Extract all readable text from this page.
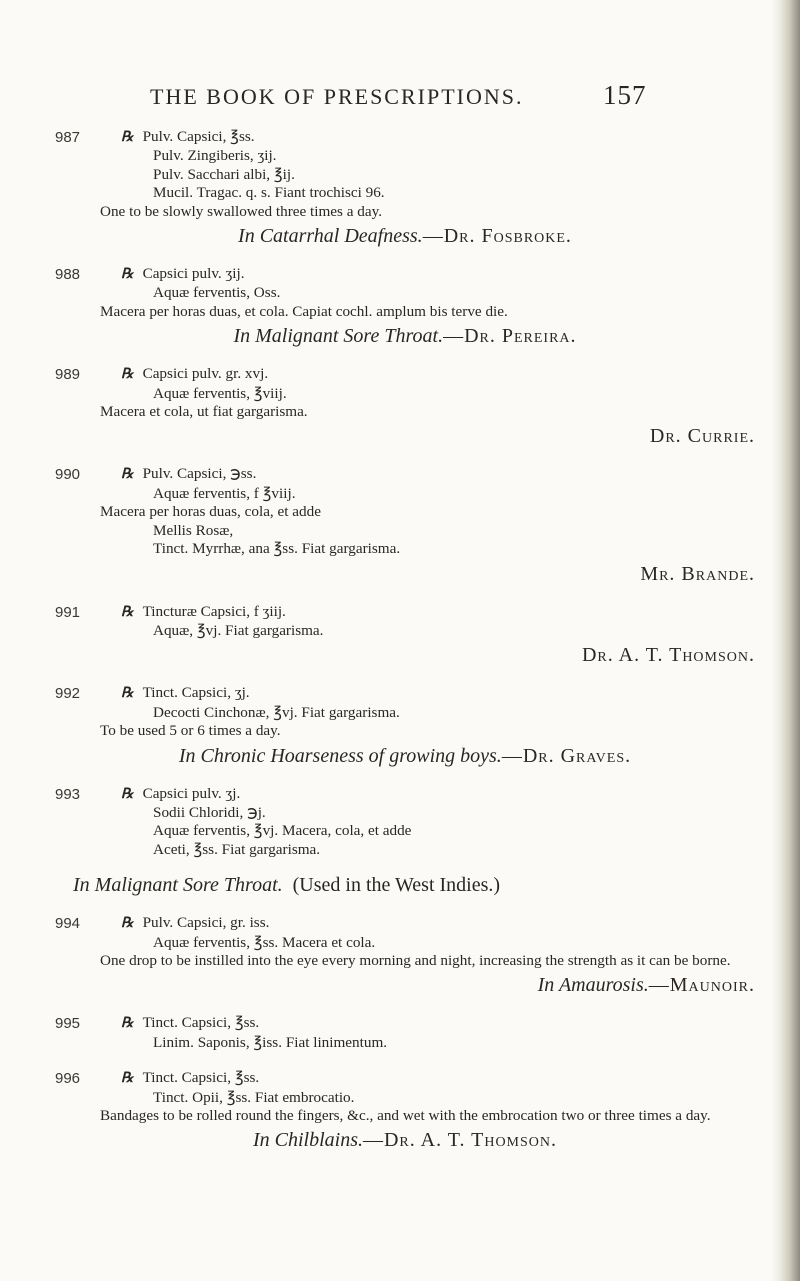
THE BOOK OF PRESCRIPTIONS.	157
987	℞ Pulv. Capsici, ℥ss.
Pulv. Zingiberis, ʒij.
Pulv. Sacchari albi, ℥ij.
Mucil. Tragac. q. s. Fiant trochisci 96.
One to be slowly swallowed three times a day.
In Catarrhal Deafness.—Dr. Fosbroke.
988	℞ Capsici pulv. ʒij.
Aquæ ferventis, Oss.
Macera per horas duas, et cola. Capiat cochl. amplum bis terve die.
In Malignant Sore Throat.—Dr. Pereira.
989	℞ Capsici pulv. gr. xvj.
Aquæ ferventis, ℥viij.
Macera et cola, ut fiat gargarisma.
Dr. Currie.
990	℞ Pulv. Capsici, ℈ss.
Aquæ ferventis, f ℥viij.
Macera per horas duas, cola, et adde
Mellis Rosæ,
Tinct. Myrrhæ, ana ℥ss. Fiat gargarisma.
Mr. Brande.
991	℞ Tincturæ Capsici, f ʒiij.
Aquæ, ℥vj. Fiat gargarisma.
Dr. A. T. Thomson.
992	℞ Tinct. Capsici, ʒj.
Decocti Cinchonæ, ℥vj. Fiat gargarisma.
To be used 5 or 6 times a day.
In Chronic Hoarseness of growing boys.—Dr. Graves.
993	℞ Capsici pulv. ʒj.
Sodii Chloridi, ℈j.
Aquæ ferventis, ℥vj. Macera, cola, et adde
Aceti, ℥ss. Fiat gargarisma.
In Malignant Sore Throat. (Used in the West Indies.)
994	℞ Pulv. Capsici, gr. iss.
Aquæ ferventis, ℥ss. Macera et cola.
One drop to be instilled into the eye every morning and night, increasing the strength as it can be borne.
In Amaurosis.—Maunoir.
995	℞ Tinct. Capsici, ℥ss.
Linim. Saponis, ℥iss. Fiat linimentum.
996	℞ Tinct. Capsici, ℥ss.
Tinct. Opii, ℥ss. Fiat embrocatio.
Bandages to be rolled round the fingers, &c., and wet with the embrocation two or three times a day.
In Chilblains.—Dr. A. T. Thomson.
